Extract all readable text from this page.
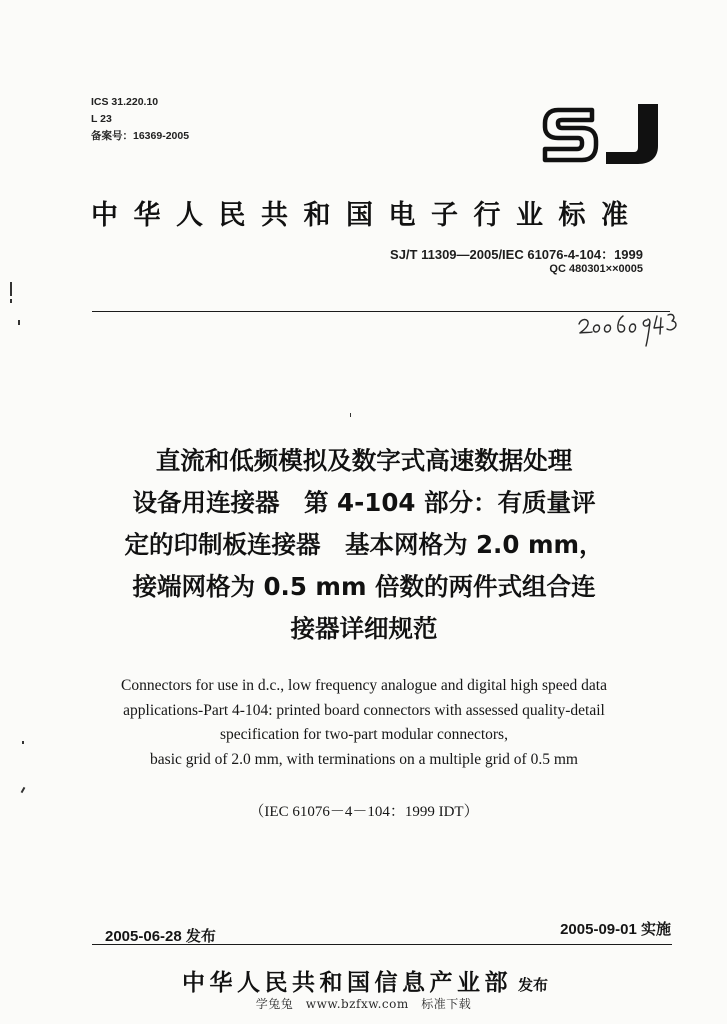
ICS 31.220.10
L 23
备案号：16369-2005
中华人民共和国电子行业标准
SJ/T 11309—2005/IEC 61076-4-104：1999
QC 480301××0005
直流和低频模拟及数字式高速数据处理
设备用连接器　第 4-104 部分：有质量评
定的印制板连接器　基本网格为 2.0 mm，
接端网格为 0.5 mm 倍数的两件式组合连
接器详细规范
Connectors for use in d.c., low frequency analogue and digital high speed data
applications-Part 4-104: printed board connectors with assessed quality-detail
specification for two-part modular connectors,
basic grid of 2.0 mm, with terminations on a multiple grid of 0.5 mm
（IEC 61076－4－104：1999 IDT）
2005-06-28 发布	2005-09-01 实施
中华人民共和国信息产业部 发布
学兔兔　www.bzfxw.com　标准下载
